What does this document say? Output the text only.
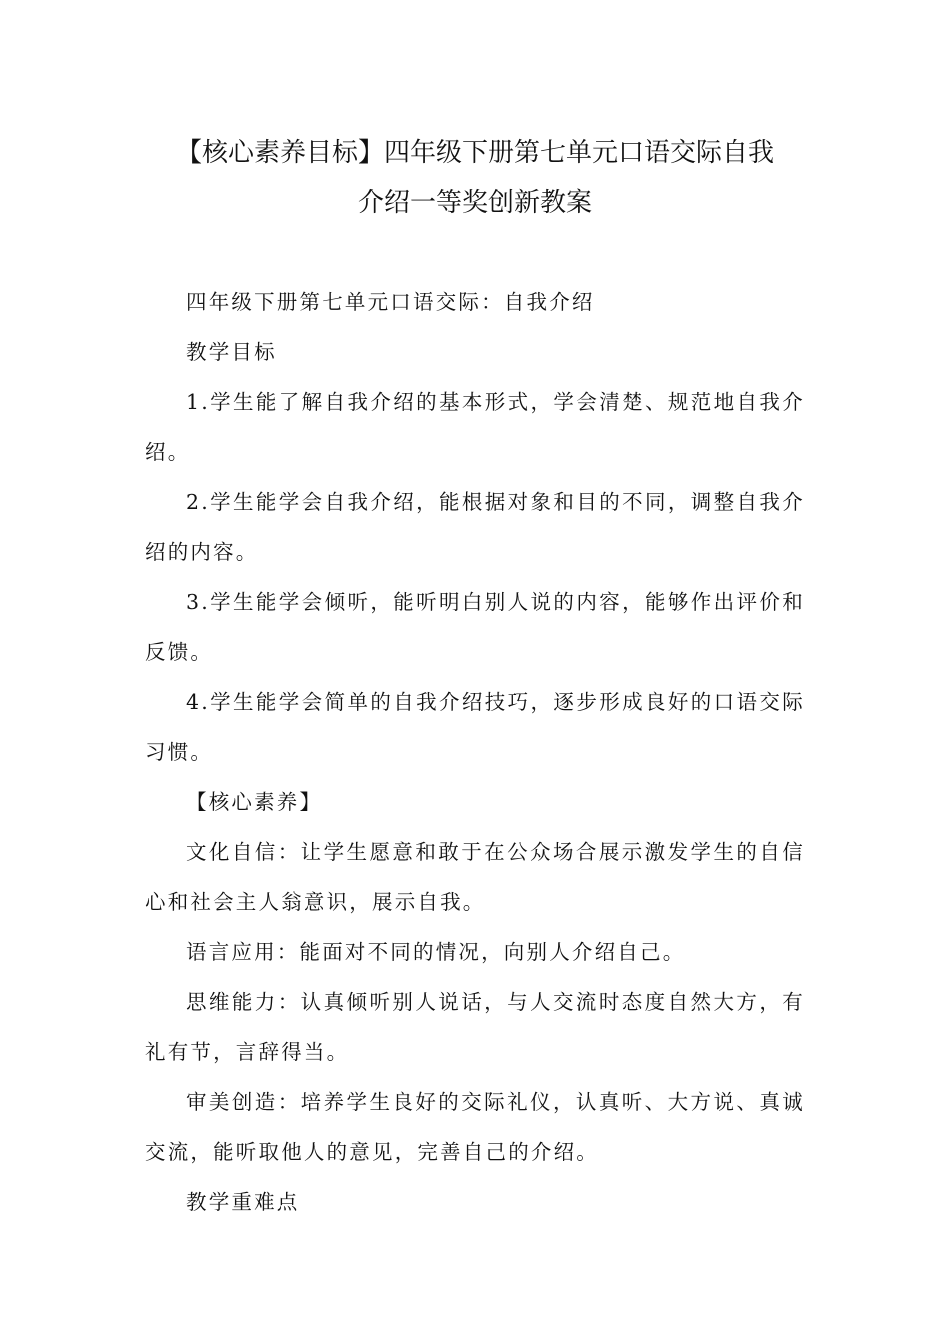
【核心素养目标】四年级下册第七单元口语交际自我
介绍一等奖创新教案

四年级下册第七单元口语交际：自我介绍

教学目标

1.学生能了解自我介绍的基本形式，学会清楚、规范地自我介绍。

2.学生能学会自我介绍，能根据对象和目的不同，调整自我介绍的内容。

3.学生能学会倾听，能听明白别人说的内容，能够作出评价和反馈。

4.学生能学会简单的自我介绍技巧，逐步形成良好的口语交际习惯。

【核心素养】

文化自信：让学生愿意和敢于在公众场合展示激发学生的自信心和社会主人翁意识，展示自我。

语言应用：能面对不同的情况，向别人介绍自己。

思维能力：认真倾听别人说话，与人交流时态度自然大方，有礼有节，言辞得当。

审美创造：培养学生良好的交际礼仪，认真听、大方说、真诚交流，能听取他人的意见，完善自己的介绍。

教学重难点
